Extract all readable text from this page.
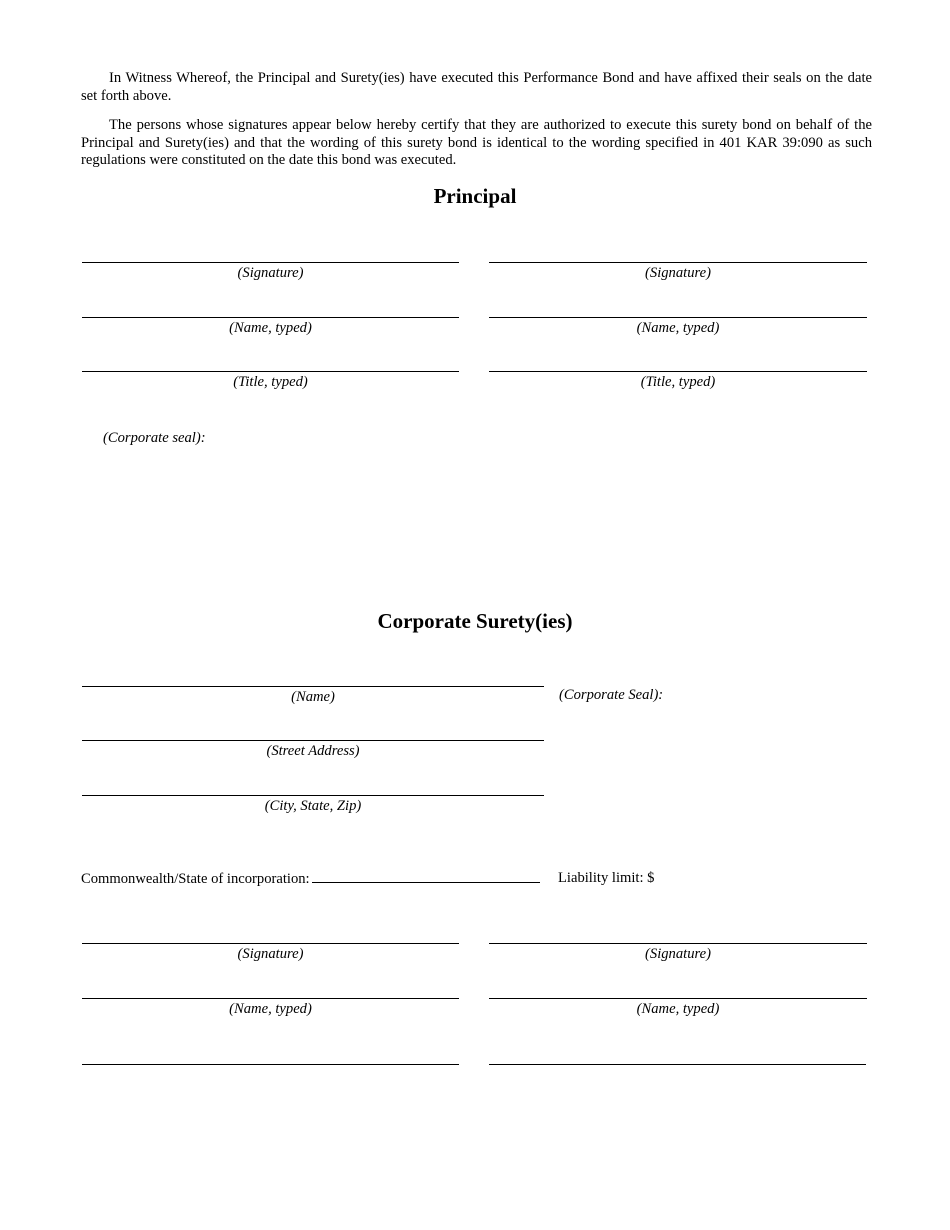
In Witness Whereof, the Principal and Surety(ies) have executed this Performance Bond and have affixed their seals on the date set forth above.

The persons whose signatures appear below hereby certify that they are authorized to execute this surety bond on behalf of the Principal and Surety(ies) and that the wording of this surety bond is identical to the wording specified in 401 KAR 39:090 as such regulations were constituted on the date this bond was executed.

Principal
(Signature)
(Name, typed)
(Title, typed)
(Signature)
(Name, typed)
(Title, typed)
(Corporate seal):
Corporate Surety(ies)
(Name)
(Street Address)
(City, State, Zip)
(Corporate Seal):
Commonwealth/State of incorporation:	Liability limit: $
(Signature)
(Name, typed)
(Signature)
(Name, typed)
